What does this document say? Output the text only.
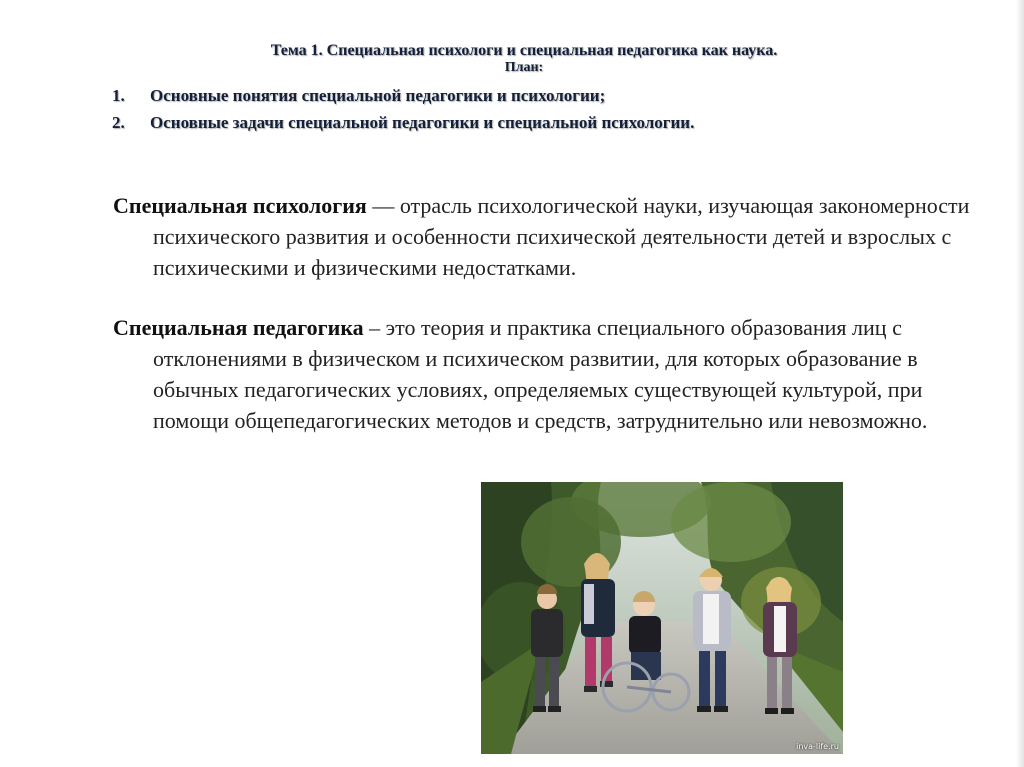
Тема 1. Специальная психологи и специальная педагогика как наука.
План:
1.	Основные понятия специальной педагогики и психологии;
2.	Основные задачи специальной педагогики и специальной психологии.

Специальная психология — отрасль психологической науки, изучающая закономерности психического развития и особенности психической деятельности детей и взрослых с психическими и физическими недостатками.

Специальная педагогика – это теория и практика специального образования лиц с отклонениями в физическом и психическом развитии, для которых образование в обычных педагогических условиях, определяемых существующей культурой, при помощи общепедагогических методов и средств, затруднительно или невозможно.

inva-life.ru
